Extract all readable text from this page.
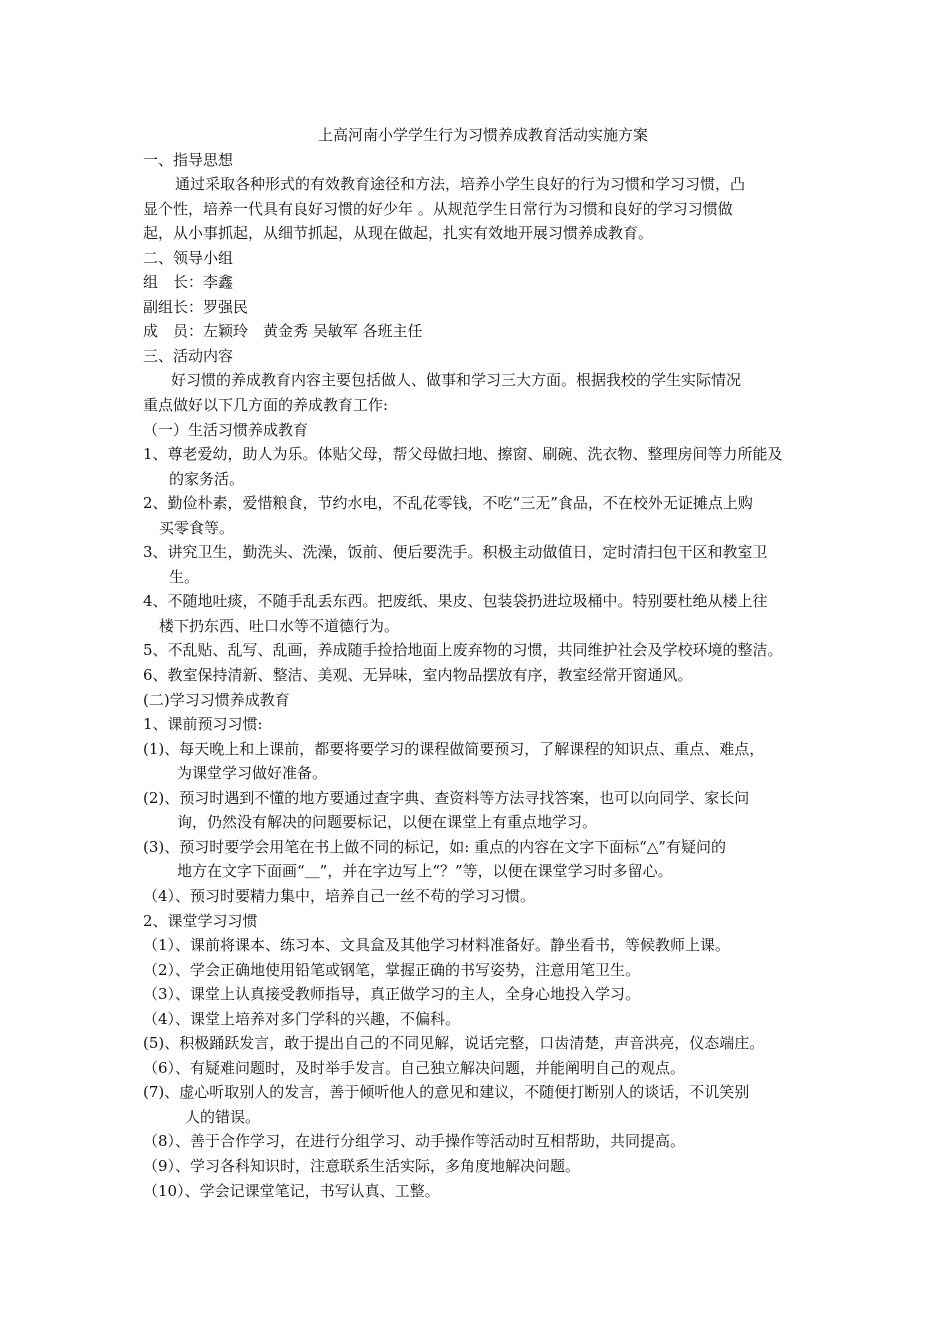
上高河南小学学生行为习惯养成教育活动实施方案
一、指导思想
通过采取各种形式的有效教育途径和方法，培养小学生良好的行为习惯和学习习惯，凸
显个性，培养一代具有良好习惯的好少年 。从规范学生日常行为习惯和良好的学习习惯做
起，从小事抓起，从细节抓起，从现在做起，扎实有效地开展习惯养成教育。
二、领导小组
组　长：李鑫
副组长：罗强民
成　员：左颖玲　黄金秀 吴敏军 各班主任
三、活动内容
好习惯的养成教育内容主要包括做人、做事和学习三大方面。根据我校的学生实际情况
重点做好以下几方面的养成教育工作:
（一）生活习惯养成教育
1、尊老爱幼，助人为乐。体贴父母，帮父母做扫地、擦窗、刷碗、洗衣物、整理房间等力所能及
的家务活。
2、勤俭朴素，爱惜粮食，节约水电，不乱花零钱，不吃“三无”食品，不在校外无证摊点上购
买零食等。
3、讲究卫生，勤洗头、洗澡，饭前、便后要洗手。积极主动做值日，定时清扫包干区和教室卫
生。
4、不随地吐痰，不随手乱丢东西。把废纸、果皮、包装袋扔进垃圾桶中。特别要杜绝从楼上往
楼下扔东西、吐口水等不道德行为。
5、不乱贴、乱写、乱画，养成随手捡拾地面上废弃物的习惯，共同维护社会及学校环境的整洁。
6、教室保持清新、整洁、美观、无异味，室内物品摆放有序，教室经常开窗通风。
(二)学习习惯养成教育
1、课前预习习惯:
(1)、每天晚上和上课前，都要将要学习的课程做简要预习，了解课程的知识点、重点、难点，
为课堂学习做好准备。
(2)、预习时遇到不懂的地方要通过查字典、查资料等方法寻找答案，也可以向同学、家长问
询，仍然没有解决的问题要标记，以便在课堂上有重点地学习。
(3)、预习时要学会用笔在书上做不同的标记，如: 重点的内容在文字下面标“△”有疑问的
地方在文字下面画“＿”，并在字边写上“？”等，以便在课堂学习时多留心。
（4）、预习时要精力集中，培养自己一丝不苟的学习习惯。
2、课堂学习习惯
（1）、课前将课本、练习本、文具盒及其他学习材料准备好。静坐看书，等候教师上课。
（2）、学会正确地使用铅笔或钢笔，掌握正确的书写姿势，注意用笔卫生。
（3）、课堂上认真接受教师指导，真正做学习的主人，全身心地投入学习。
（4）、课堂上培养对多门学科的兴趣，不偏科。
(5)、积极踊跃发言，敢于提出自己的不同见解，说话完整，口齿清楚，声音洪亮，仪态端庄。
（6）、有疑难问题时，及时举手发言。自己独立解决问题，并能阐明自己的观点。
(7)、虚心听取别人的发言，善于倾听他人的意见和建议，不随便打断别人的谈话，不讥笑别
人的错误。
（8）、善于合作学习，在进行分组学习、动手操作等活动时互相帮助，共同提高。
（9）、学习各科知识时，注意联系生活实际，多角度地解决问题。
（10）、学会记课堂笔记，书写认真、工整。
